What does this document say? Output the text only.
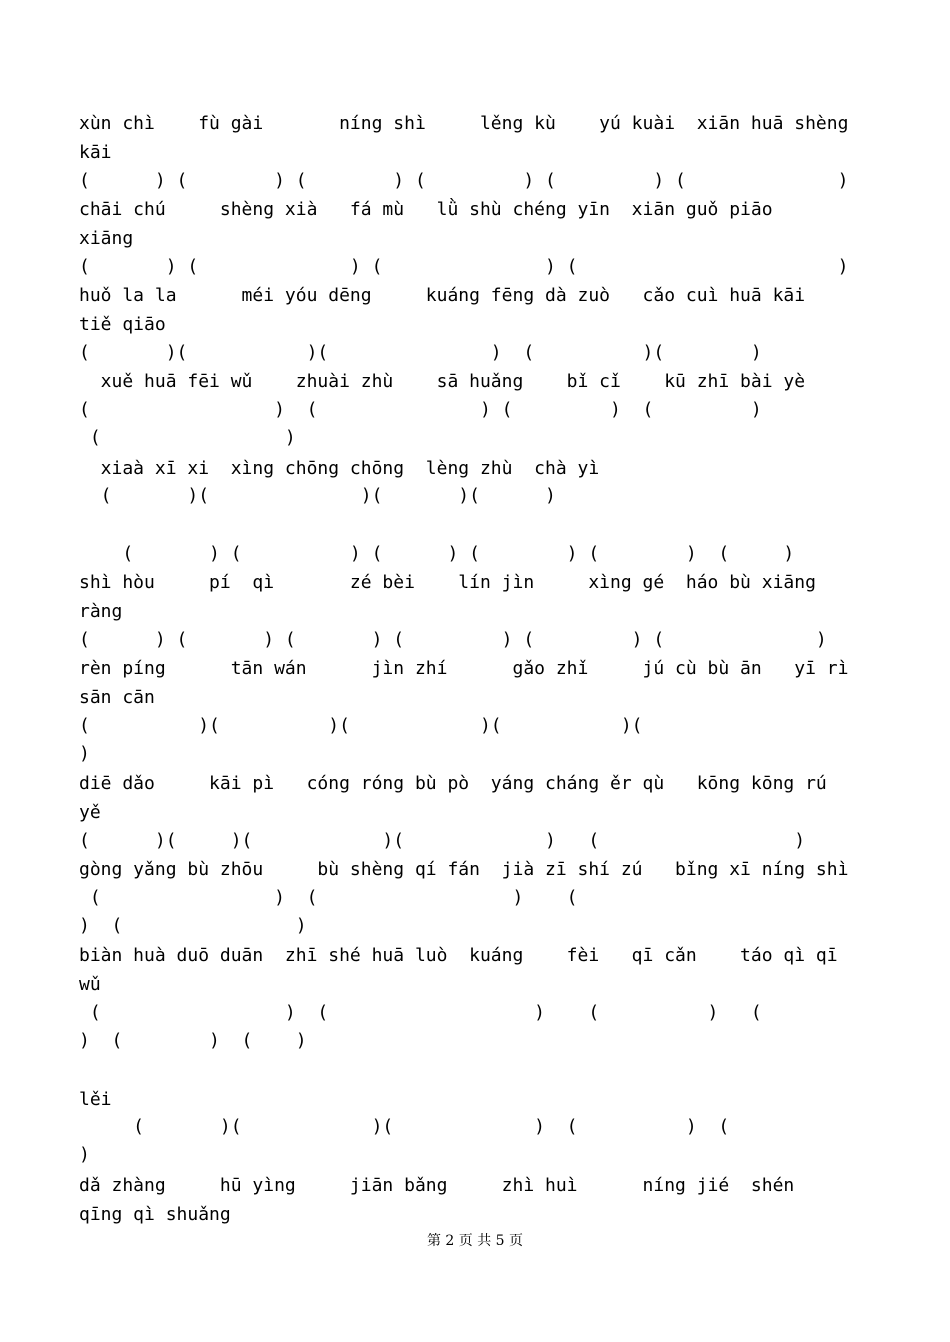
xùn chì    fù gài       níng shì     lěng kù    yú kuài  xiān huā shèng
kāi
(      ) (        ) (        ) (         ) (         ) (              )
chāi chú     shèng xià   fá mù   lǜ shù chéng yīn  xiān guǒ piāo
xiāng
(       ) (              ) (               ) (                        )
huǒ la la      méi yóu dēng     kuáng fēng dà zuò   cǎo cuì huā kāi
tiě qiāo
(       )(           )(               )  (          )(        )
xuě huā fēi wǔ    zhuài zhù    sā huǎng    bǐ cǐ    kū zhī bài yè
(                 )  (               ) (         )  (         )
(                 )
xiaà xī xi  xìng chōng chōng  lèng zhù  chà yì
(       )(              )(       )(      )

(       ) (          ) (      ) (        ) (        )  (     )
shì hòu     pí  qì       zé bèi    lín jìn     xìng gé  háo bù xiāng
ràng
(      ) (       ) (       ) (         ) (         ) (              )
rèn píng      tān wán      jìn zhí      gǎo zhǐ     jú cù bù ān   yī rì
sān cān
(          )(          )(            )(           )(
)
diē dǎo     kāi pì   cóng róng bù pò  yáng cháng ěr qù   kōng kōng rú
yě
(      )(     )(            )(             )   (                  )
gòng yǎng bù zhōu     bù shèng qí fán  jià zī shí zú   bǐng xī níng shì
(                )  (                  )    (
)  (                )
biàn huà duō duān  zhī shé huā luò  kuáng    fèi   qī cǎn    táo qì qī
wǔ
(                 )  (                   )    (          )   (
)  (        )  (    )

lěi
(       )(            )(             )  (          )  (
)
dǎ zhàng     hū yìng     jiān bǎng     zhì huì      níng jié  shén
qīng qì shuǎng
第 2 页 共 5 页
